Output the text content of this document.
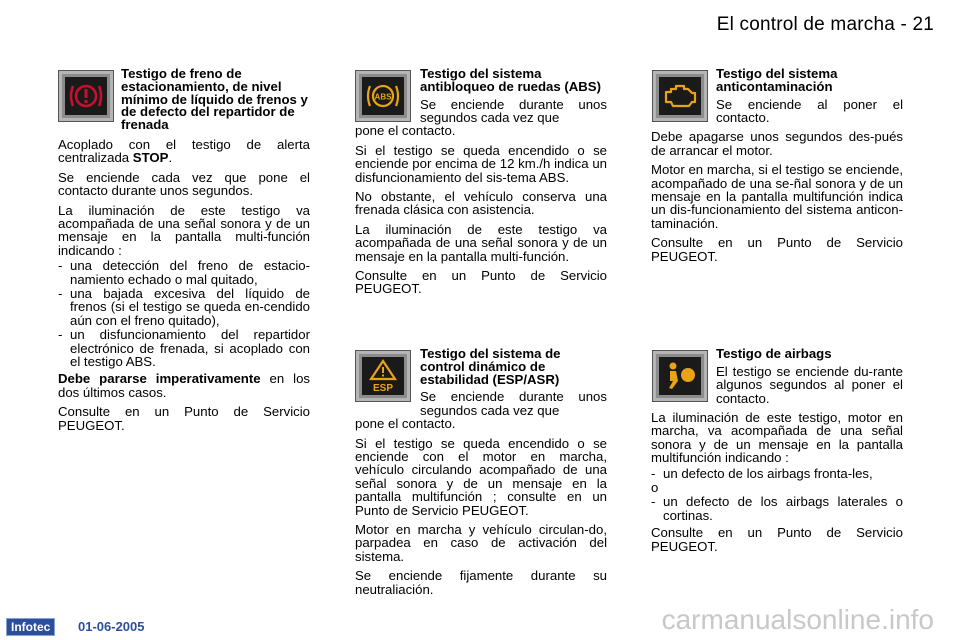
El control de marcha - 21
Testigo de freno de estacionamiento, de nivel mínimo de líquido de frenos y de defecto del repartidor de frenada

Acoplado con el testigo de alerta centralizada STOP.

Se enciende cada vez que pone el contacto durante unos segundos.

La iluminación de este testigo va acompañada de una señal sonora y de un mensaje en la pantalla multi-función indicando :

- una detección del freno de estacio-namiento echado o mal quitado,
- una bajada excesiva del líquido de frenos (si el testigo se queda en-cendido aún con el freno quitado),
- un disfuncionamiento del repartidor electrónico de frenada, si acoplado con el testigo ABS.

Debe pararse imperativamente en los dos últimos casos.

Consulte en un Punto de Servicio PEUGEOT.

ABS
Testigo del sistema antibloqueo de ruedas (ABS)

Se enciende durante unos segundos cada vez que

pone el contacto.

Si el testigo se queda encendido o se enciende por encima de 12 km./h indica un disfuncionamiento del sis-tema ABS.

No obstante, el vehículo conserva una frenada clásica con asistencia.

La iluminación de este testigo va acompañada de una señal sonora y de un mensaje en la pantalla multi-función.

Consulte en un Punto de Servicio PEUGEOT.

ESP
Testigo del sistema de control dinámico de estabilidad (ESP/ASR)

Se enciende durante unos segundos cada vez que

pone el contacto.

Si el testigo se queda encendido o se enciende con el motor en marcha, vehículo circulando acompañado de una señal sonora y de un mensaje en la pantalla multifunción ; consulte en un Punto de Servicio PEUGEOT.

Motor en marcha y vehículo circulan-do, parpadea en caso de activación del sistema.

Se enciende fijamente durante su neutraliación.

Testigo del sistema anticontaminación

Se enciende al poner el contacto.

Debe apagarse unos segundos des-pués de arrancar el motor.

Motor en marcha, si el testigo se enciende, acompañado de una se-ñal sonora y de un mensaje en la pantalla multifunción indica un dis-funcionamiento del sistema anticon-taminación.

Consulte en un Punto de Servicio PEUGEOT.

Testigo de airbags

El testigo se enciende du-rante algunos segundos al poner el contacto.

La iluminación de este testigo, motor en marcha, va acompañada de una señal sonora y de un mensaje en la pantalla multifunción indicando :

- un defecto de los airbags fronta-les,
o
- un defecto de los airbags laterales o cortinas.

Consulte en un Punto de Servicio PEUGEOT.

Infotec	01-06-2005	carmanualsonline.info
